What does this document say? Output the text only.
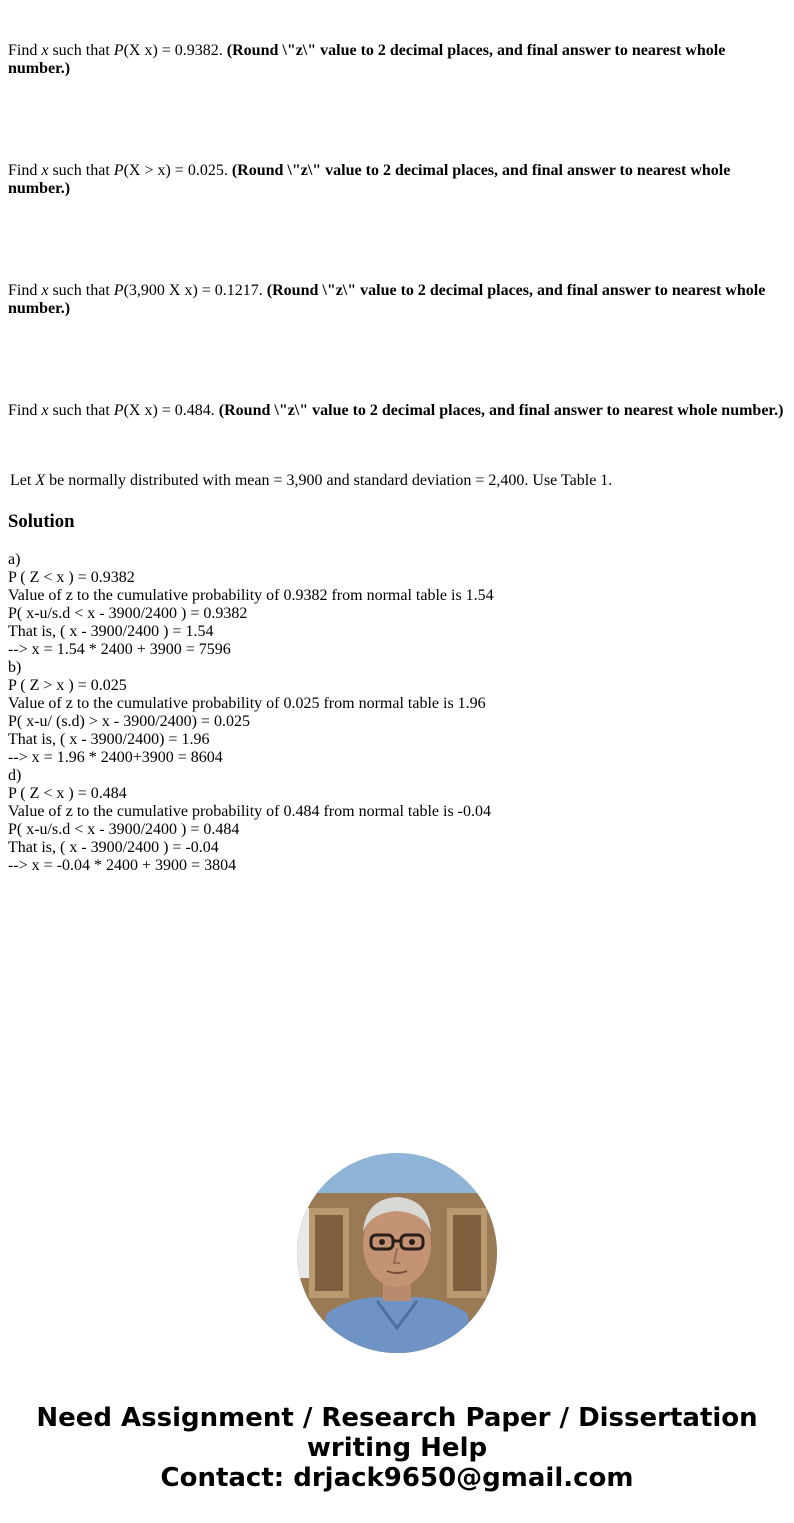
Find x such that P(X x) = 0.9382. (Round \"z\" value to 2 decimal places, and final answer to nearest whole number.)

Find x such that P(X > x) = 0.025. (Round \"z\" value to 2 decimal places, and final answer to nearest whole number.)

Find x such that P(3,900 X x) = 0.1217. (Round \"z\" value to 2 decimal places, and final answer to nearest whole number.)

Find x such that P(X x) = 0.484. (Round \"z\" value to 2 decimal places, and final answer to nearest whole number.)

Let X be normally distributed with mean = 3,900 and standard deviation = 2,400. Use Table 1.

Solution
a)
P ( Z < x ) = 0.9382
Value of z to the cumulative probability of 0.9382 from normal table is 1.54
P( x-u/s.d < x - 3900/2400 ) = 0.9382
That is, ( x - 3900/2400 ) = 1.54
--> x = 1.54 * 2400 + 3900 = 7596
b)
P ( Z > x ) = 0.025
Value of z to the cumulative probability of 0.025 from normal table is 1.96
P( x-u/ (s.d) > x - 3900/2400) = 0.025
That is, ( x - 3900/2400) = 1.96
--> x = 1.96 * 2400+3900 = 8604
d)
P ( Z < x ) = 0.484
Value of z to the cumulative probability of 0.484 from normal table is -0.04
P( x-u/s.d < x - 3900/2400 ) = 0.484
That is, ( x - 3900/2400 ) = -0.04
--> x = -0.04 * 2400 + 3900 = 3804
Need Assignment / Research Paper / Dissertation
writing Help
Contact: drjack9650@gmail.com
